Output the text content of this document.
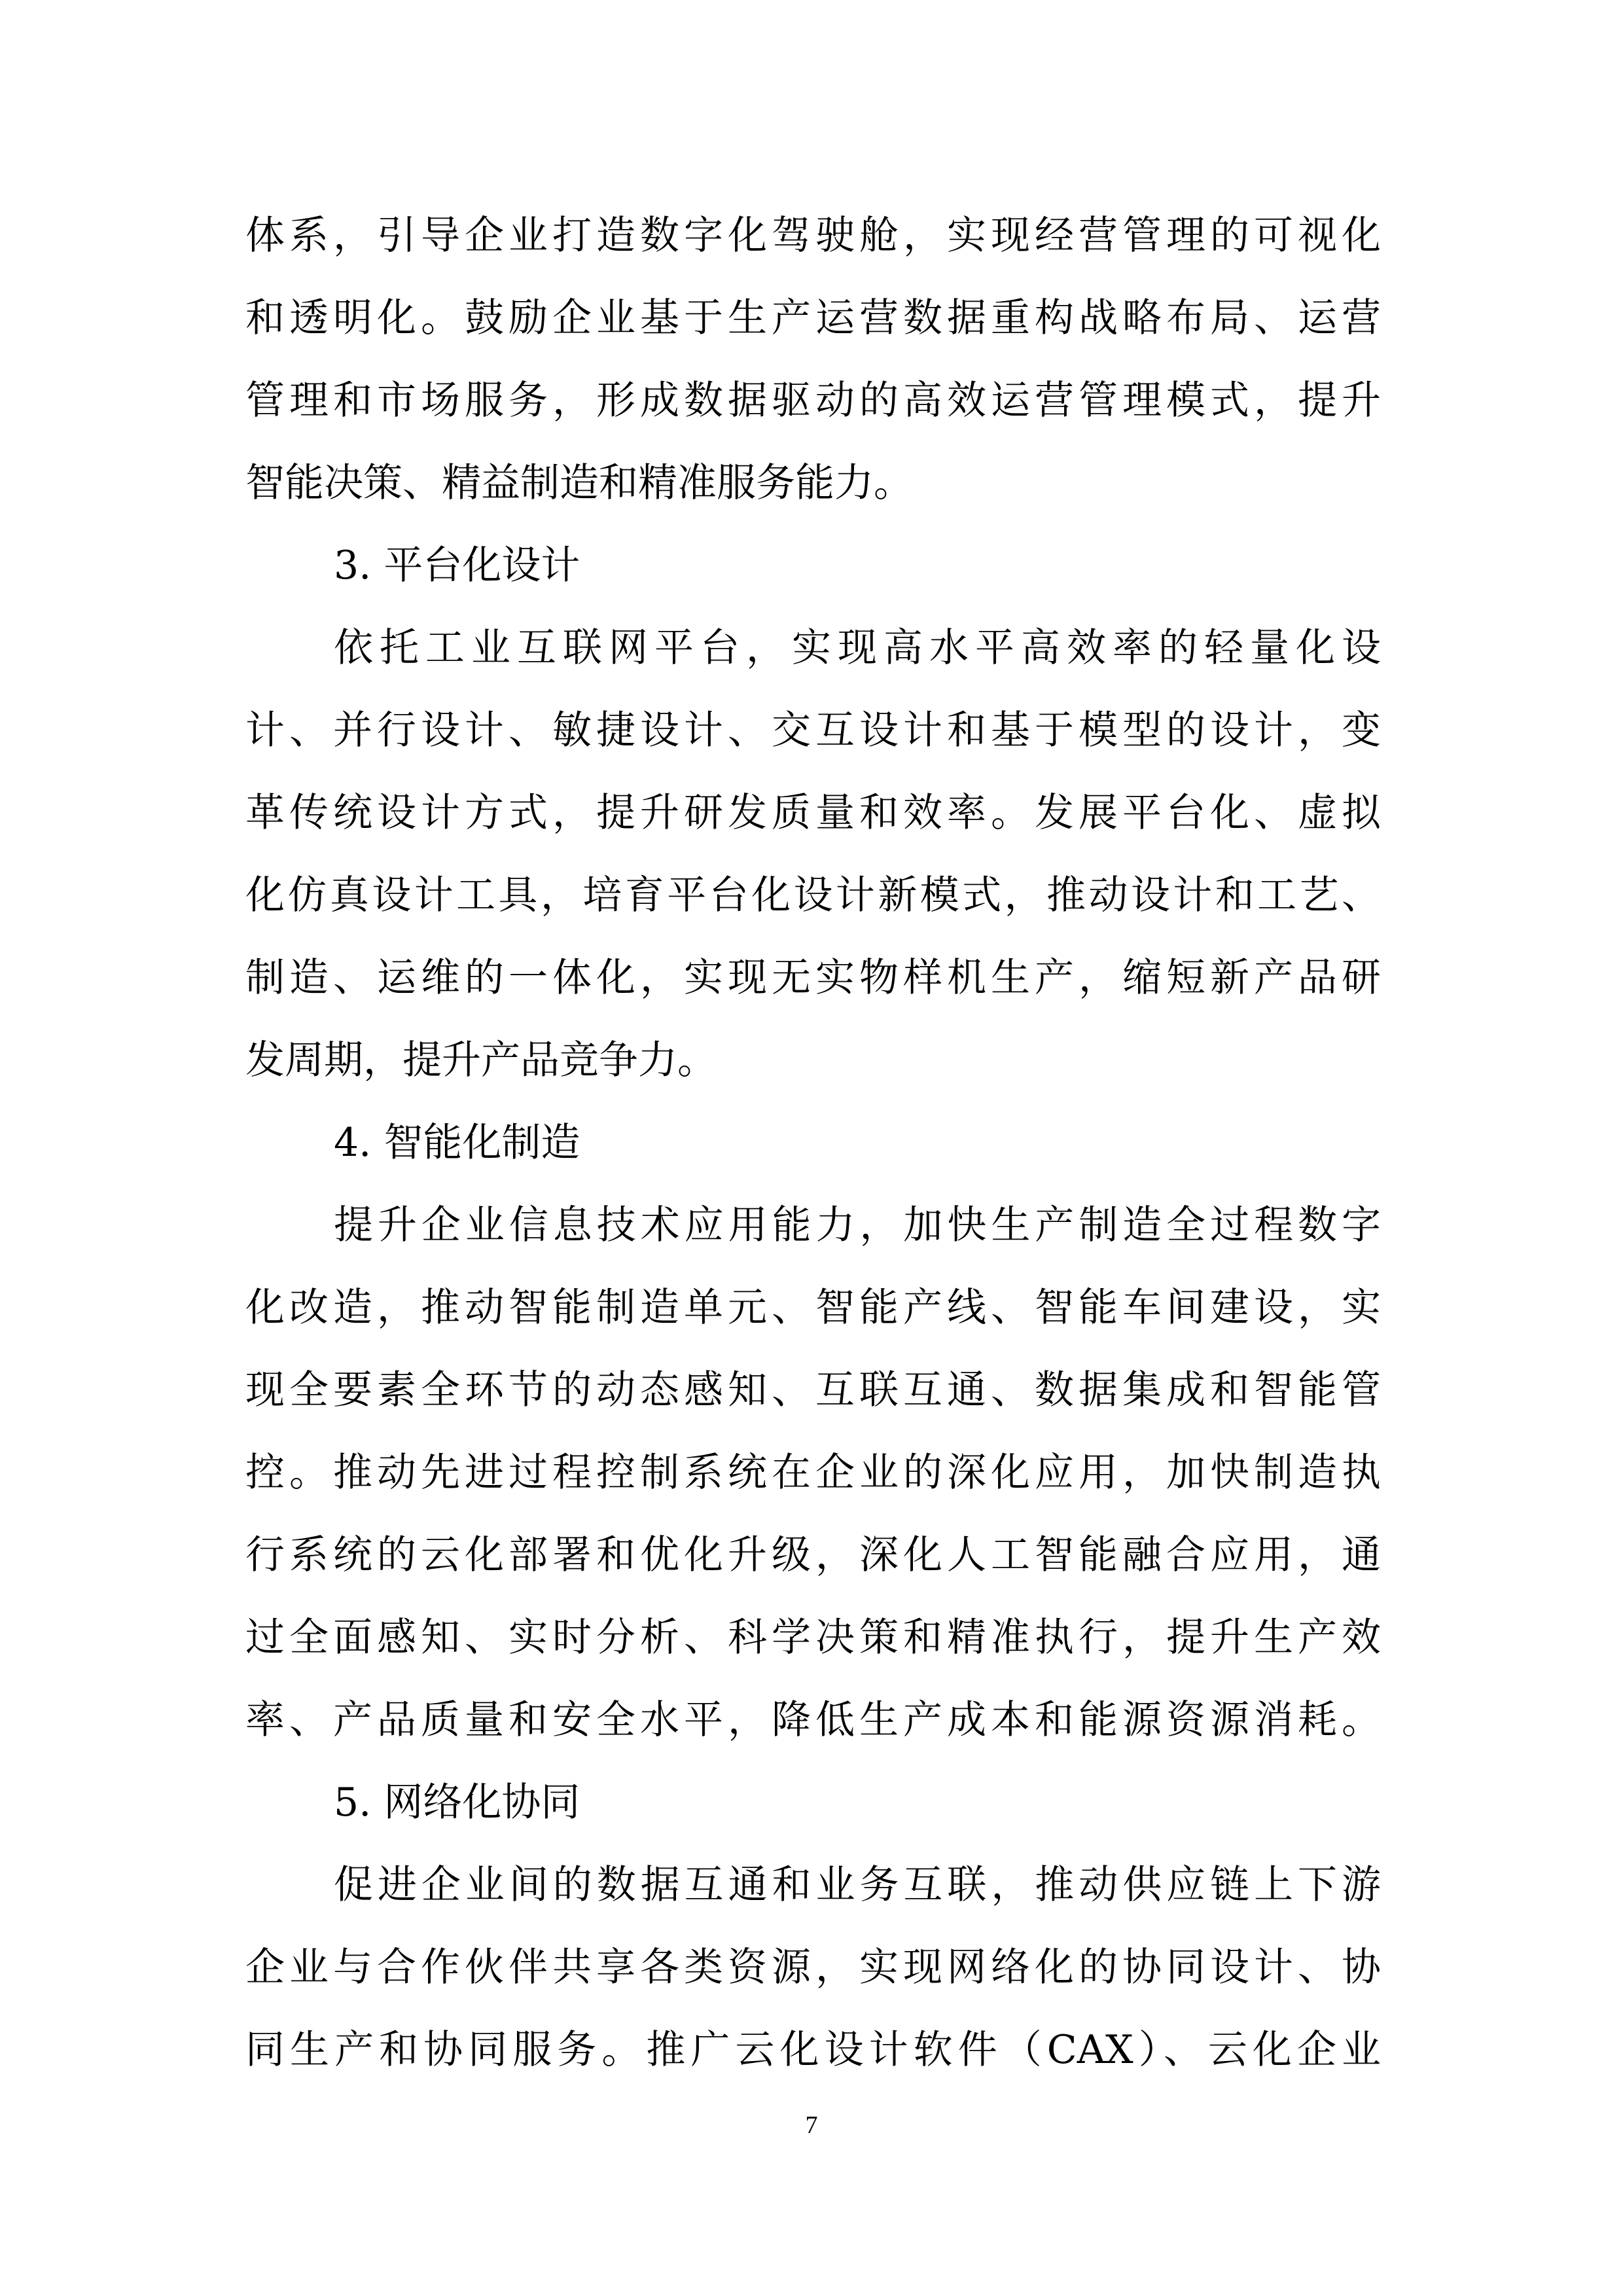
体系，引导企业打造数字化驾驶舱，实现经营管理的可视化
和透明化。鼓励企业基于生产运营数据重构战略布局、运营
管理和市场服务，形成数据驱动的高效运营管理模式，提升
智能决策、精益制造和精准服务能力。
3. 平台化设计
依托工业互联网平台，实现高水平高效率的轻量化设
计、并行设计、敏捷设计、交互设计和基于模型的设计，变
革传统设计方式，提升研发质量和效率。发展平台化、虚拟
化仿真设计工具，培育平台化设计新模式，推动设计和工艺、
制造、运维的一体化，实现无实物样机生产，缩短新产品研
发周期，提升产品竞争力。
4. 智能化制造
提升企业信息技术应用能力，加快生产制造全过程数字
化改造，推动智能制造单元、智能产线、智能车间建设，实
现全要素全环节的动态感知、互联互通、数据集成和智能管
控。推动先进过程控制系统在企业的深化应用，加快制造执
行系统的云化部署和优化升级，深化人工智能融合应用，通
过全面感知、实时分析、科学决策和精准执行，提升生产效
率、产品质量和安全水平，降低生产成本和能源资源消耗。
5. 网络化协同
促进企业间的数据互通和业务互联，推动供应链上下游
企业与合作伙伴共享各类资源，实现网络化的协同设计、协
同生产和协同服务。推广云化设计软件（CAX）、云化企业
7
